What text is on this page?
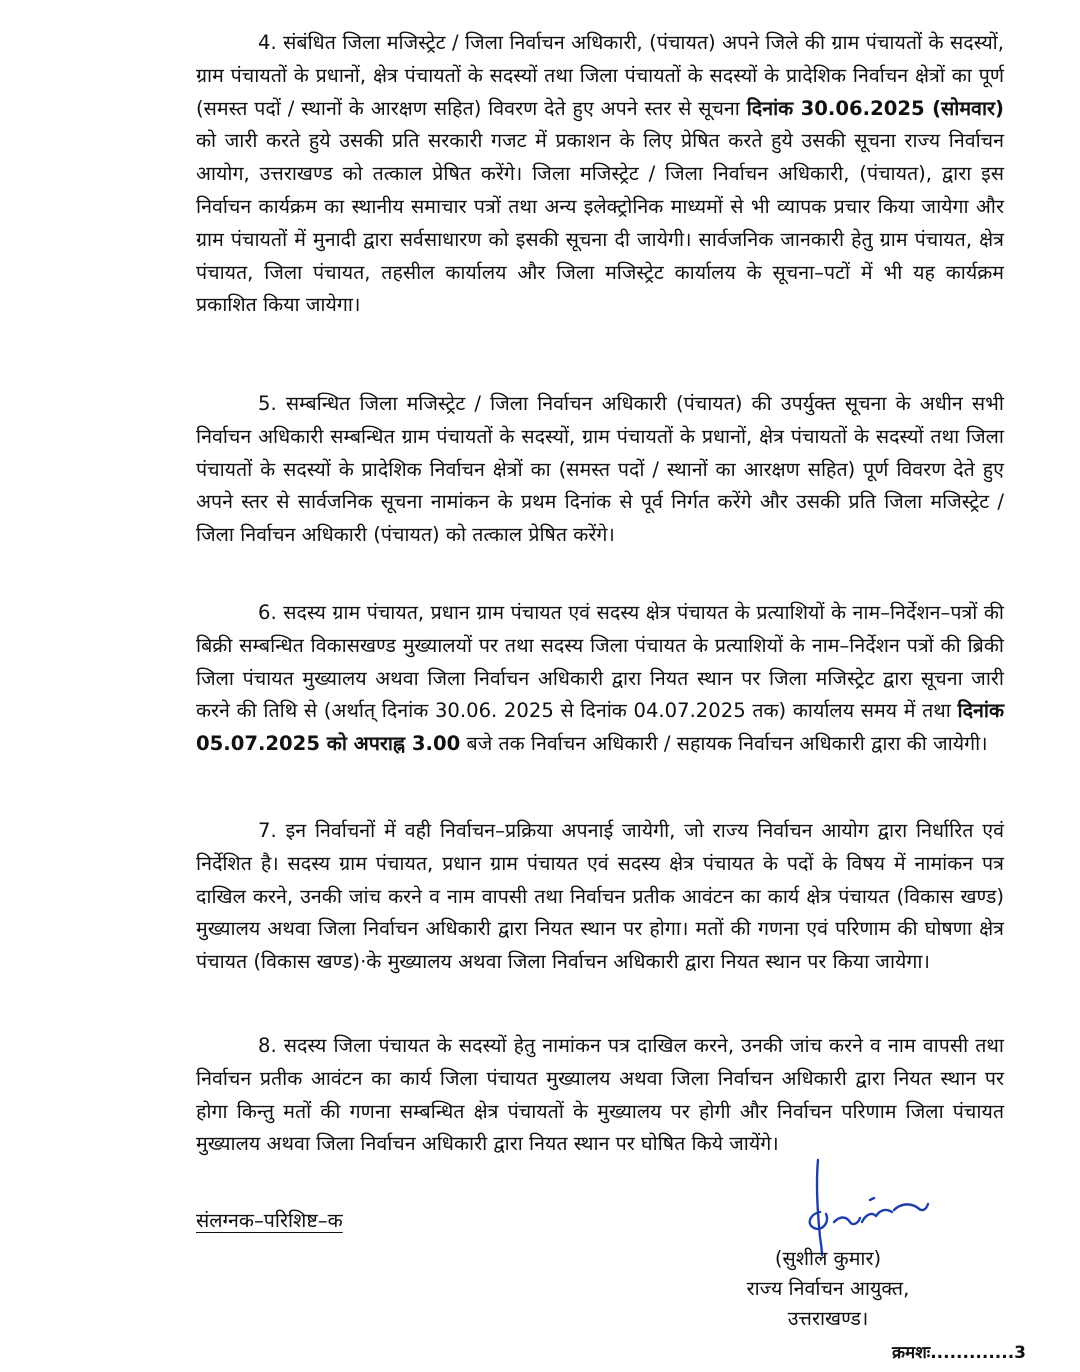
4. संबंधित जिला मजिस्ट्रेट / जिला निर्वाचन अधिकारी, (पंचायत) अपने जिले की ग्राम पंचायतों के सदस्यों, ग्राम पंचायतों के प्रधानों, क्षेत्र पंचायतों के सदस्यों तथा जिला पंचायतों के सदस्यों के प्रादेशिक निर्वाचन क्षेत्रों का पूर्ण (समस्त पदों / स्थानों के आरक्षण सहित) विवरण देते हुए अपने स्तर से सूचना दिनांक 30.06.2025 (सोमवार) को जारी करते हुये उसकी प्रति सरकारी गजट में प्रकाशन के लिए प्रेषित करते हुये उसकी सूचना राज्य निर्वाचन आयोग, उत्तराखण्ड को तत्काल प्रेषित करेंगे। जिला मजिस्ट्रेट / जिला निर्वाचन अधिकारी, (पंचायत), द्वारा इस निर्वाचन कार्यक्रम का स्थानीय समाचार पत्रों तथा अन्य इलेक्ट्रोनिक माध्यमों से भी व्यापक प्रचार किया जायेगा और ग्राम पंचायतों में मुनादी द्वारा सर्वसाधारण को इसकी सूचना दी जायेगी। सार्वजनिक जानकारी हेतु ग्राम पंचायत, क्षेत्र पंचायत, जिला पंचायत, तहसील कार्यालय और जिला मजिस्ट्रेट कार्यालय के सूचना–पटों में भी यह कार्यक्रम प्रकाशित किया जायेगा।

5. सम्बन्धित जिला मजिस्ट्रेट / जिला निर्वाचन अधिकारी (पंचायत) की उपर्युक्त सूचना के अधीन सभी निर्वाचन अधिकारी सम्बन्धित ग्राम पंचायतों के सदस्यों, ग्राम पंचायतों के प्रधानों, क्षेत्र पंचायतों के सदस्यों तथा जिला पंचायतों के सदस्यों के प्रादेशिक निर्वाचन क्षेत्रों का (समस्त पदों / स्थानों का आरक्षण सहित) पूर्ण विवरण देते हुए अपने स्तर से सार्वजनिक सूचना नामांकन के प्रथम दिनांक से पूर्व निर्गत करेंगे और उसकी प्रति जिला मजिस्ट्रेट / जिला निर्वाचन अधिकारी (पंचायत) को तत्काल प्रेषित करेंगे।

6. सदस्य ग्राम पंचायत, प्रधान ग्राम पंचायत एवं सदस्य क्षेत्र पंचायत के प्रत्याशियों के नाम–निर्देशन–पत्रों की बिक्री सम्बन्धित विकासखण्ड मुख्यालयों पर तथा सदस्य जिला पंचायत के प्रत्याशियों के नाम–निर्देशन पत्रों की ब्रिकी जिला पंचायत मुख्यालय अथवा जिला निर्वाचन अधिकारी द्वारा नियत स्थान पर जिला मजिस्ट्रेट द्वारा सूचना जारी करने की तिथि से (अर्थात् दिनांक 30.06. 2025 से दिनांक 04.07.2025 तक) कार्यालय समय में तथा दिनांक 05.07.2025 को अपराह्न 3.00 बजे तक निर्वाचन अधिकारी / सहायक निर्वाचन अधिकारी द्वारा की जायेगी।

7. इन निर्वाचनों में वही निर्वाचन–प्रक्रिया अपनाई जायेगी, जो राज्य निर्वाचन आयोग द्वारा निर्धारित एवं निर्देशित है। सदस्य ग्राम पंचायत, प्रधान ग्राम पंचायत एवं सदस्य क्षेत्र पंचायत के पदों के विषय में नामांकन पत्र दाखिल करने, उनकी जांच करने व नाम वापसी तथा निर्वाचन प्रतीक आवंटन का कार्य क्षेत्र पंचायत (विकास खण्ड) मुख्यालय अथवा जिला निर्वाचन अधिकारी द्वारा नियत स्थान पर होगा। मतों की गणना एवं परिणाम की घोषणा क्षेत्र पंचायत (विकास खण्ड)·के मुख्यालय अथवा जिला निर्वाचन अधिकारी द्वारा नियत स्थान पर किया जायेगा।

8. सदस्य जिला पंचायत के सदस्यों हेतु नामांकन पत्र दाखिल करने, उनकी जांच करने व नाम वापसी तथा निर्वाचन प्रतीक आवंटन का कार्य जिला पंचायत मुख्यालय अथवा जिला निर्वाचन अधिकारी द्वारा नियत स्थान पर होगा किन्तु मतों की गणना सम्बन्धित क्षेत्र पंचायतों के मुख्यालय पर होगी और निर्वाचन परिणाम जिला पंचायत मुख्यालय अथवा जिला निर्वाचन अधिकारी द्वारा नियत स्थान पर घोषित किये जायेंगे।

संलग्नक–परिशिष्ट–क
(सुशील कुमार)
राज्य निर्वाचन आयुक्त,
उत्तराखण्ड।
क्रमशः.............3
